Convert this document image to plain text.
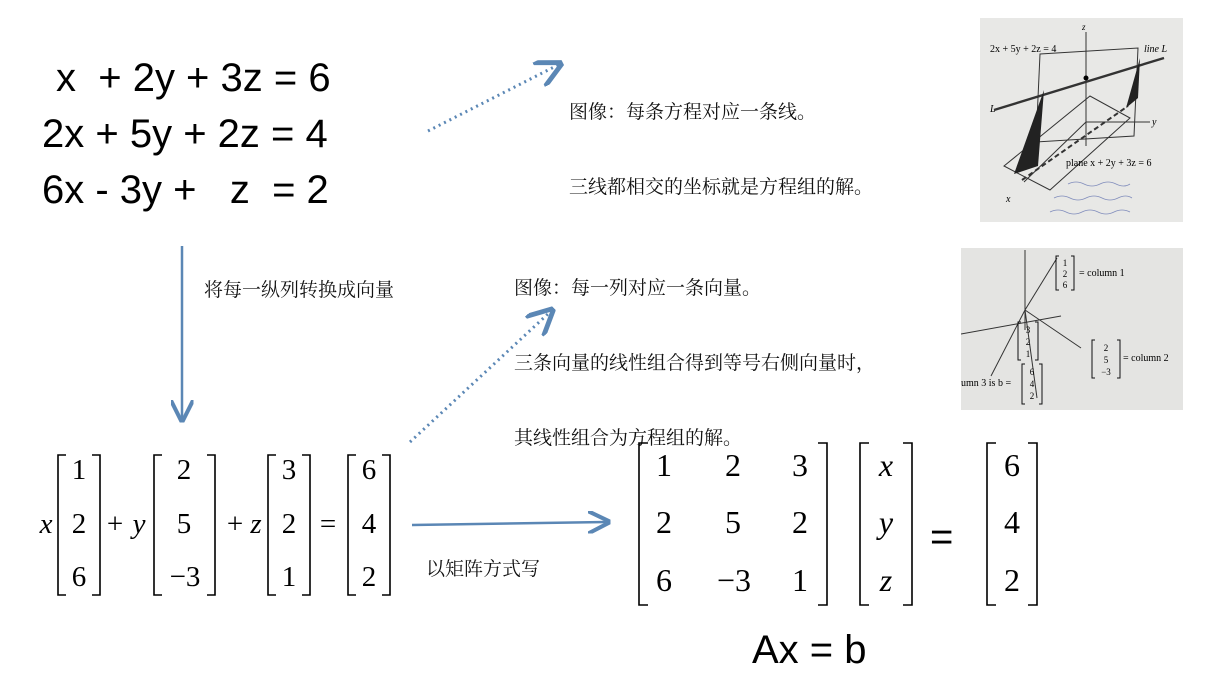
x  + 2y + 3z = 6
2x + 5y + 2z = 4
6x - 3y +   z  = 2

图像：每条方程对应一条线。

三线都相交的坐标就是方程组的解。

图像：每一列对应一条向量。

三条向量的线性组合得到等号右侧向量时，

其线性组合为方程组的解。

将每一纵列转换成向量
以矩阵方式写
x
1
2
6
+ y
2
5
−3
+ z
3
2
1
=
6
4
2
1 2 3
2 5 2
6	−3	1
x
y
z
=
6
4
2
Ax = b
2x + 5y + 2z = 4	line L
L
z
y
x
plane x + 2y + 3z = 6
1
2
6
= column 1
3
2
1
2
5
−3
= column 2
umn 3 is b =
6
4
2
